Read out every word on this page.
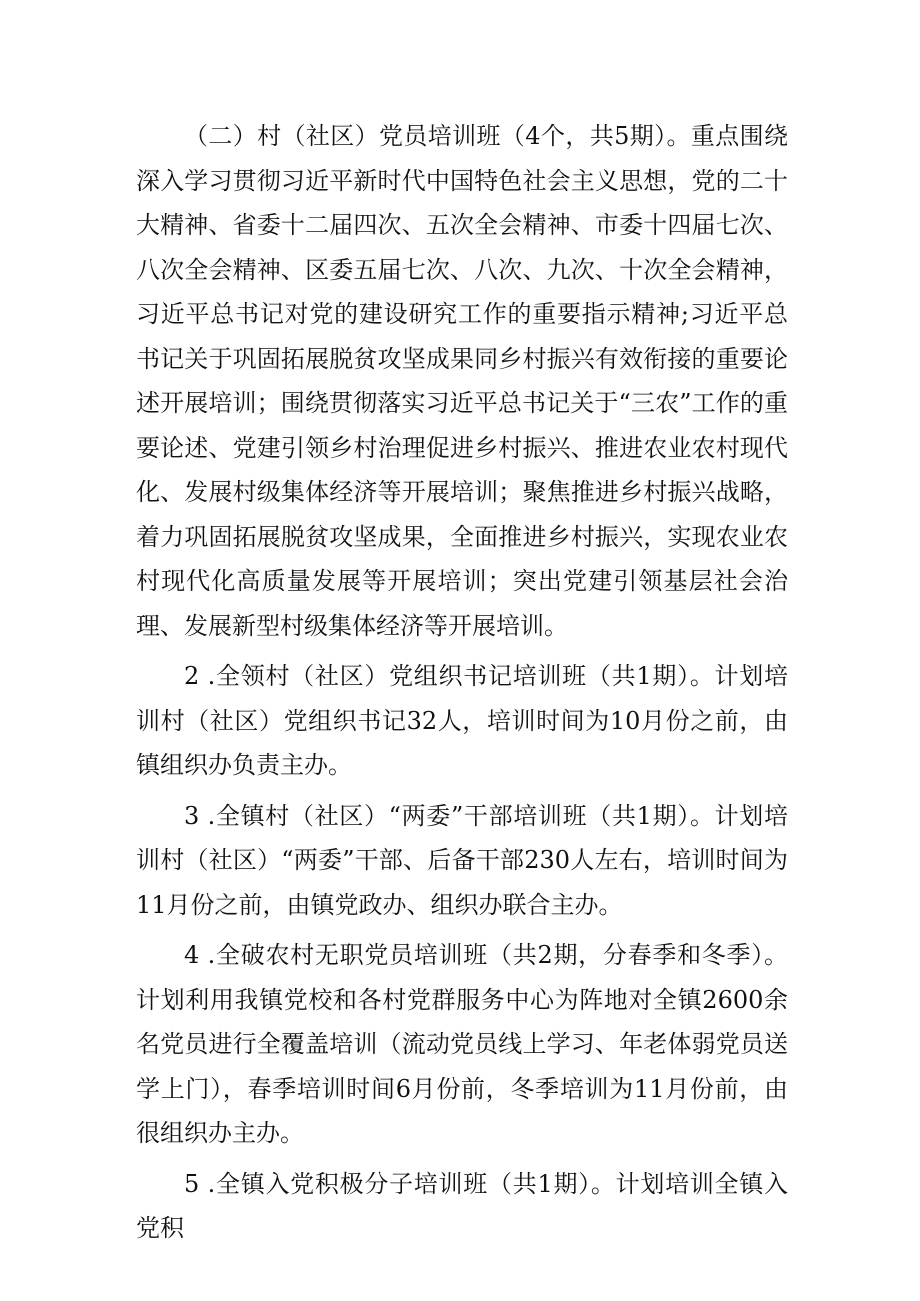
（二）村（社区）党员培训班（4个，共5期）。重点围绕深入学习贯彻习近平新时代中国特色社会主义思想，党的二十大精神、省委十二届四次、五次全会精神、市委十四届七次、八次全会精神、区委五届七次、八次、九次、十次全会精神，习近平总书记对党的建设研究工作的重要指示精神;习近平总书记关于巩固拓展脱贫攻坚成果同乡村振兴有效衔接的重要论述开展培训；围绕贯彻落实习近平总书记关于“三农”工作的重要论述、党建引领乡村治理促进乡村振兴、推进农业农村现代化、发展村级集体经济等开展培训；聚焦推进乡村振兴战略，着力巩固拓展脱贫攻坚成果，全面推进乡村振兴，实现农业农村现代化高质量发展等开展培训；突出党建引领基层社会治理、发展新型村级集体经济等开展培训。

2 .全领村（社区）党组织书记培训班（共1期）。计划培训村（社区）党组织书记32人，培训时间为10月份之前，由镇组织办负责主办。

3 .全镇村（社区）“两委”干部培训班（共1期）。计划培训村（社区）“两委”干部、后备干部230人左右，培训时间为11月份之前，由镇党政办、组织办联合主办。

4 .全破农村无职党员培训班（共2期，分春季和冬季）。计划利用我镇党校和各村党群服务中心为阵地对全镇2600余名党员进行全覆盖培训（流动党员线上学习、年老体弱党员送学上门），春季培训时间6月份前，冬季培训为11月份前，由很组织办主办。

5 .全镇入党积极分子培训班（共1期）。计划培训全镇入党积
